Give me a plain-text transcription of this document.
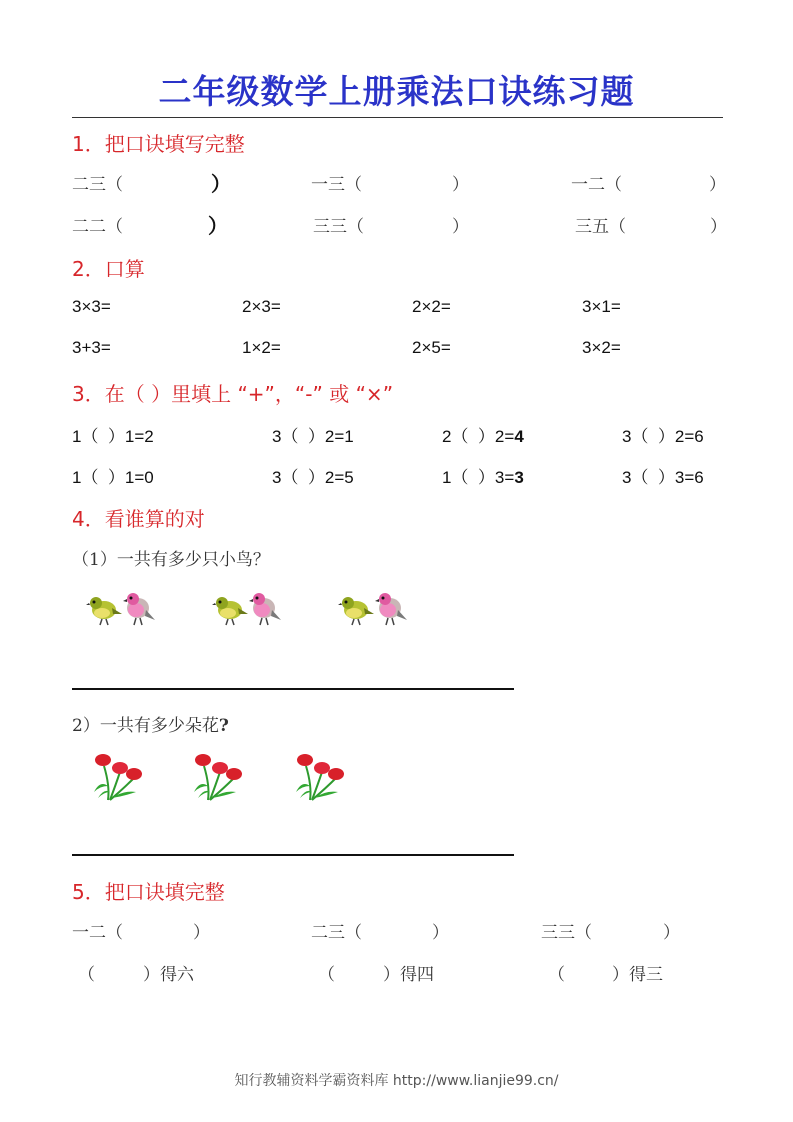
二年级数学上册乘法口诀练习题
1．把口诀填写完整
二三（	）	一三（	）	一二（	）
二二（	）	三三（	）	三五（	）
2．口算
3×3=	2×3=	2×2=	3×1=
3+3=	1×2=	2×5=	3×2=
3．在（ ）里填上 “+”，“-” 或 “×”
1（ ）1=2	3（ ）2=1	2（ ）2=4	3（ ）2=6
1（ ）1=0	3（ ）2=5	1（ ）3=3	3（ ）3=6
4．看谁算的对
（1）一共有多少只小鸟？
2）一共有多少朵花?
5．把口诀填完整
一二（	）	二三（	）	三三（	）
（	）得六	（	）得四	（	）得三
知行教辅资料学霸资料库 http://www.lianjie99.cn/
